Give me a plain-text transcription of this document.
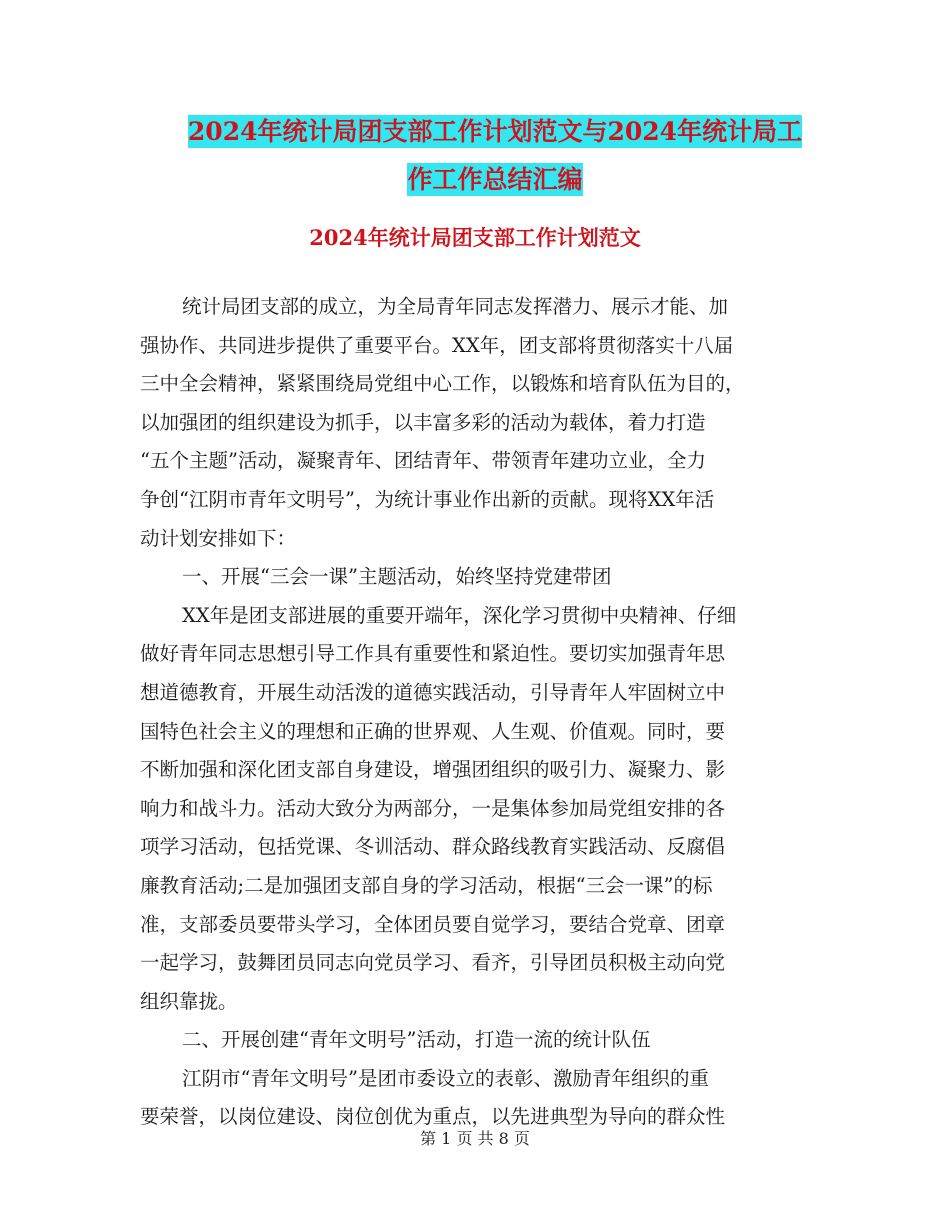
2024年统计局团支部工作计划范文与2024年统计局工
作工作总结汇编
2024年统计局团支部工作计划范文
统计局团支部的成立，为全局青年同志发挥潜力、展示才能、加
强协作、共同进步提供了重要平台。XX年，团支部将贯彻落实十八届
三中全会精神，紧紧围绕局党组中心工作，以锻炼和培育队伍为目的，
以加强团的组织建设为抓手，以丰富多彩的活动为载体，着力打造
“五个主题”活动，凝聚青年、团结青年、带领青年建功立业，全力
争创“江阴市青年文明号”，为统计事业作出新的贡献。现将XX年活
动计划安排如下：
一、开展“三会一课”主题活动，始终坚持党建带团
XX年是团支部进展的重要开端年，深化学习贯彻中央精神、仔细
做好青年同志思想引导工作具有重要性和紧迫性。要切实加强青年思
想道德教育，开展生动活泼的道德实践活动，引导青年人牢固树立中
国特色社会主义的理想和正确的世界观、人生观、价值观。同时，要
不断加强和深化团支部自身建设，增强团组织的吸引力、凝聚力、影
响力和战斗力。活动大致分为两部分，一是集体参加局党组安排的各
项学习活动，包括党课、冬训活动、群众路线教育实践活动、反腐倡
廉教育活动;二是加强团支部自身的学习活动，根据“三会一课”的标
准，支部委员要带头学习，全体团员要自觉学习，要结合党章、团章
一起学习，鼓舞团员同志向党员学习、看齐，引导团员积极主动向党
组织靠拢。
二、开展创建“青年文明号”活动，打造一流的统计队伍
江阴市“青年文明号”是团市委设立的表彰、激励青年组织的重
要荣誉，以岗位建设、岗位创优为重点，以先进典型为导向的群众性
第 1 页 共 8 页
